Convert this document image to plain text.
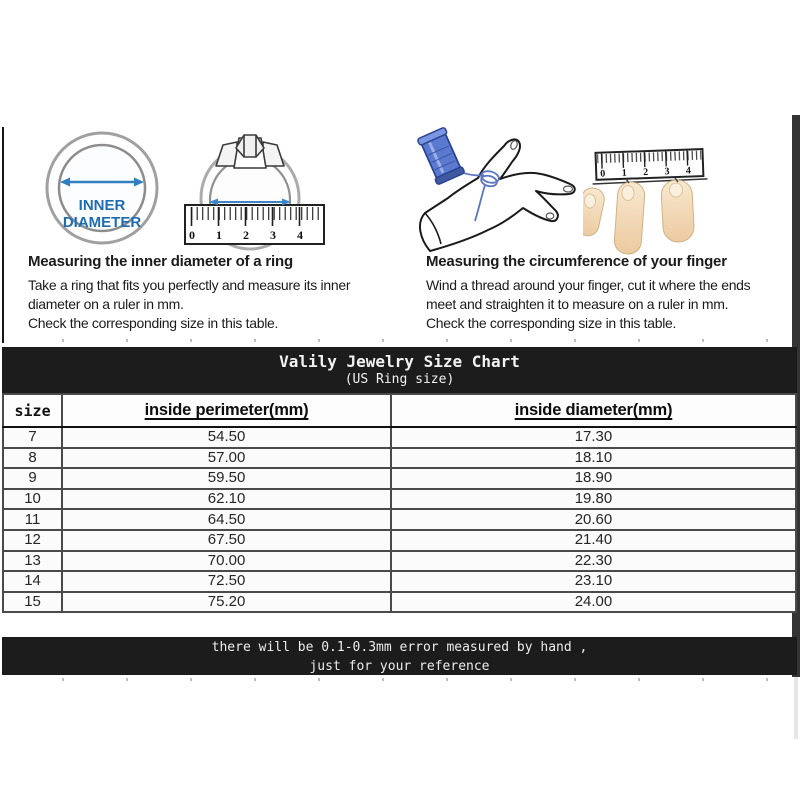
INNER
DIAMETER
0 1 2 3 4
0 1 2 3 4
Measuring the inner diameter of a ring
Take a ring that fits you perfectly and measure its inner
diameter on a ruler in mm.
Check the corresponding size in this table.
Measuring the circumference of your finger
Wind a thread around your finger, cut it where the ends
meet and straighten it to measure on a ruler in mm.
Check the corresponding size in this table.
Valily Jewelry Size Chart
(US Ring size)
size	inside perimeter(mm)	inside diameter(mm)
7	54.50	17.30
8	57.00	18.10
9	59.50	18.90
10	62.10	19.80
11	64.50	20.60
12	67.50	21.40
13	70.00	22.30
14	72.50	23.10
15	75.20	24.00
there will be 0.1-0.3mm error measured by hand ,
just for your reference
